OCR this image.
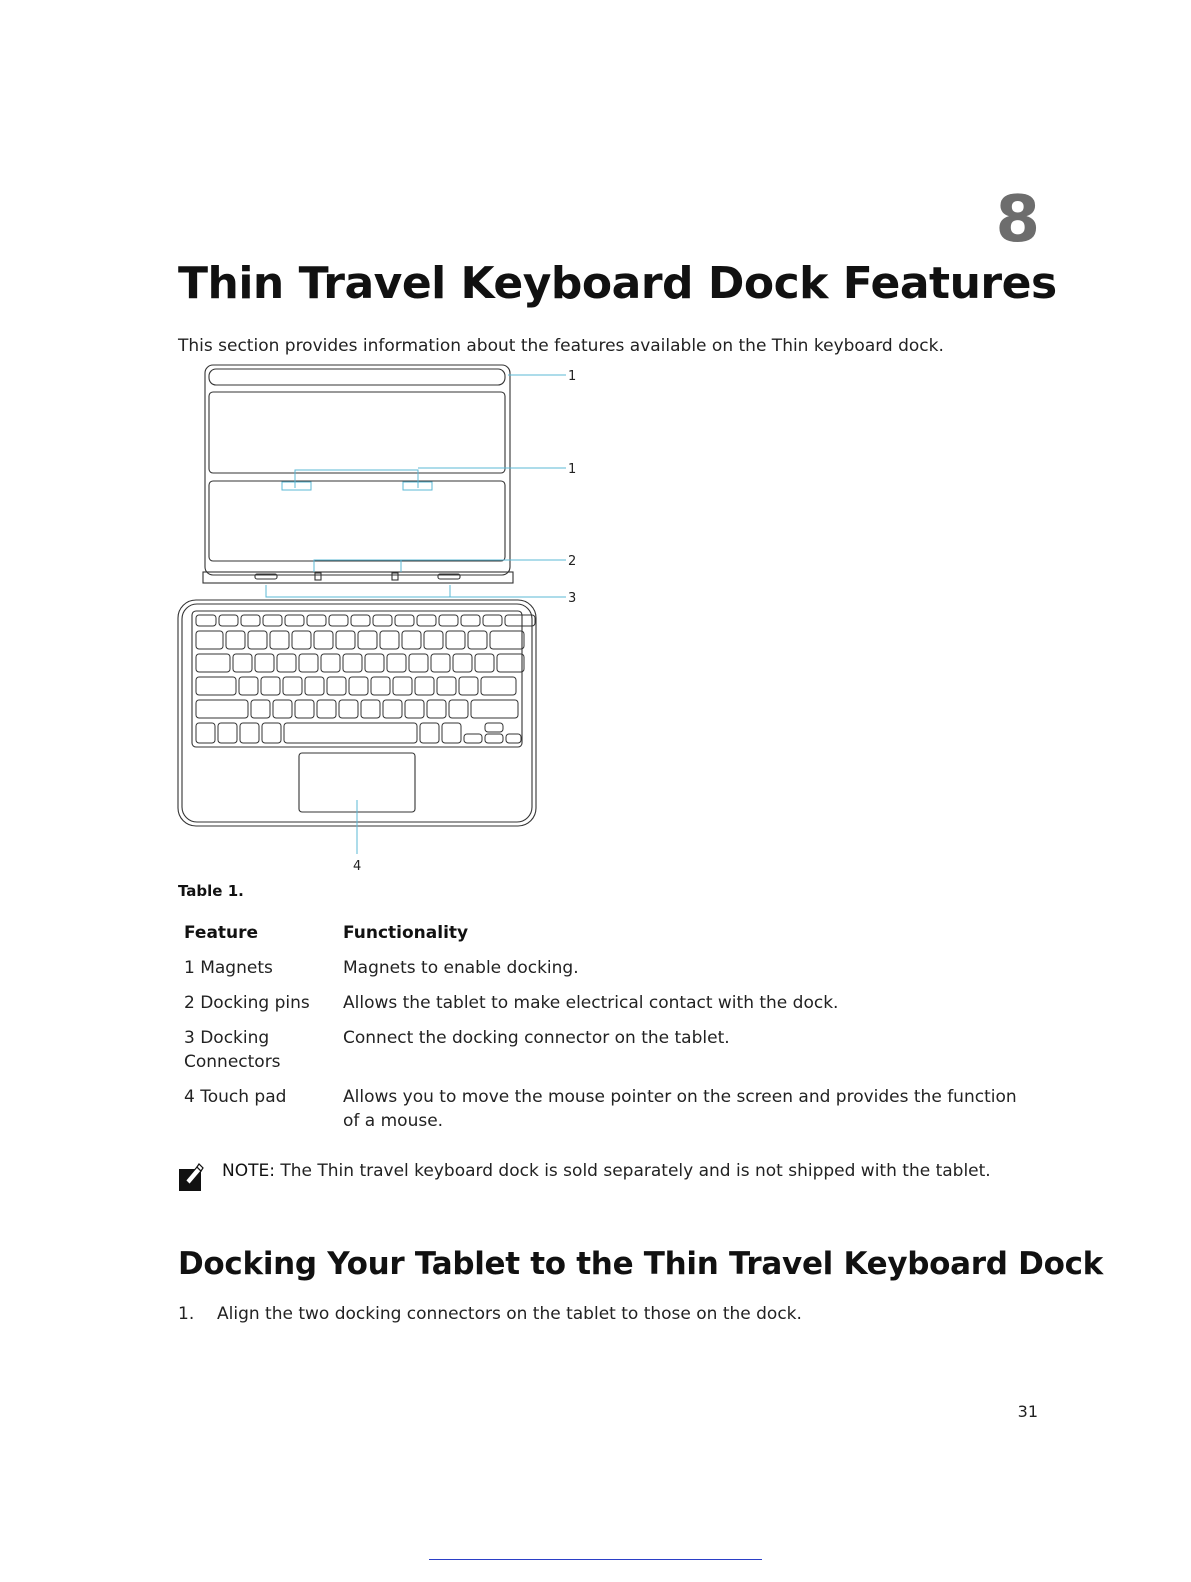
8
Thin Travel Keyboard Dock Features

This section provides information about the features available on the Thin keyboard dock.

1
1
2
3
4

Table 1.

Feature	Functionality
1 Magnets	Magnets to enable docking.
2 Docking pins	Allows the tablet to make electrical contact with the dock.
3 Docking Connectors	Connect the docking connector on the tablet.
4 Touch pad	Allows you to move the mouse pointer on the screen and provides the function of a mouse.
NOTE: The Thin travel keyboard dock is sold separately and is not shipped with the tablet.
Docking Your Tablet to the Thin Travel Keyboard Dock
1. Align the two docking connectors on the tablet to those on the dock.
31
